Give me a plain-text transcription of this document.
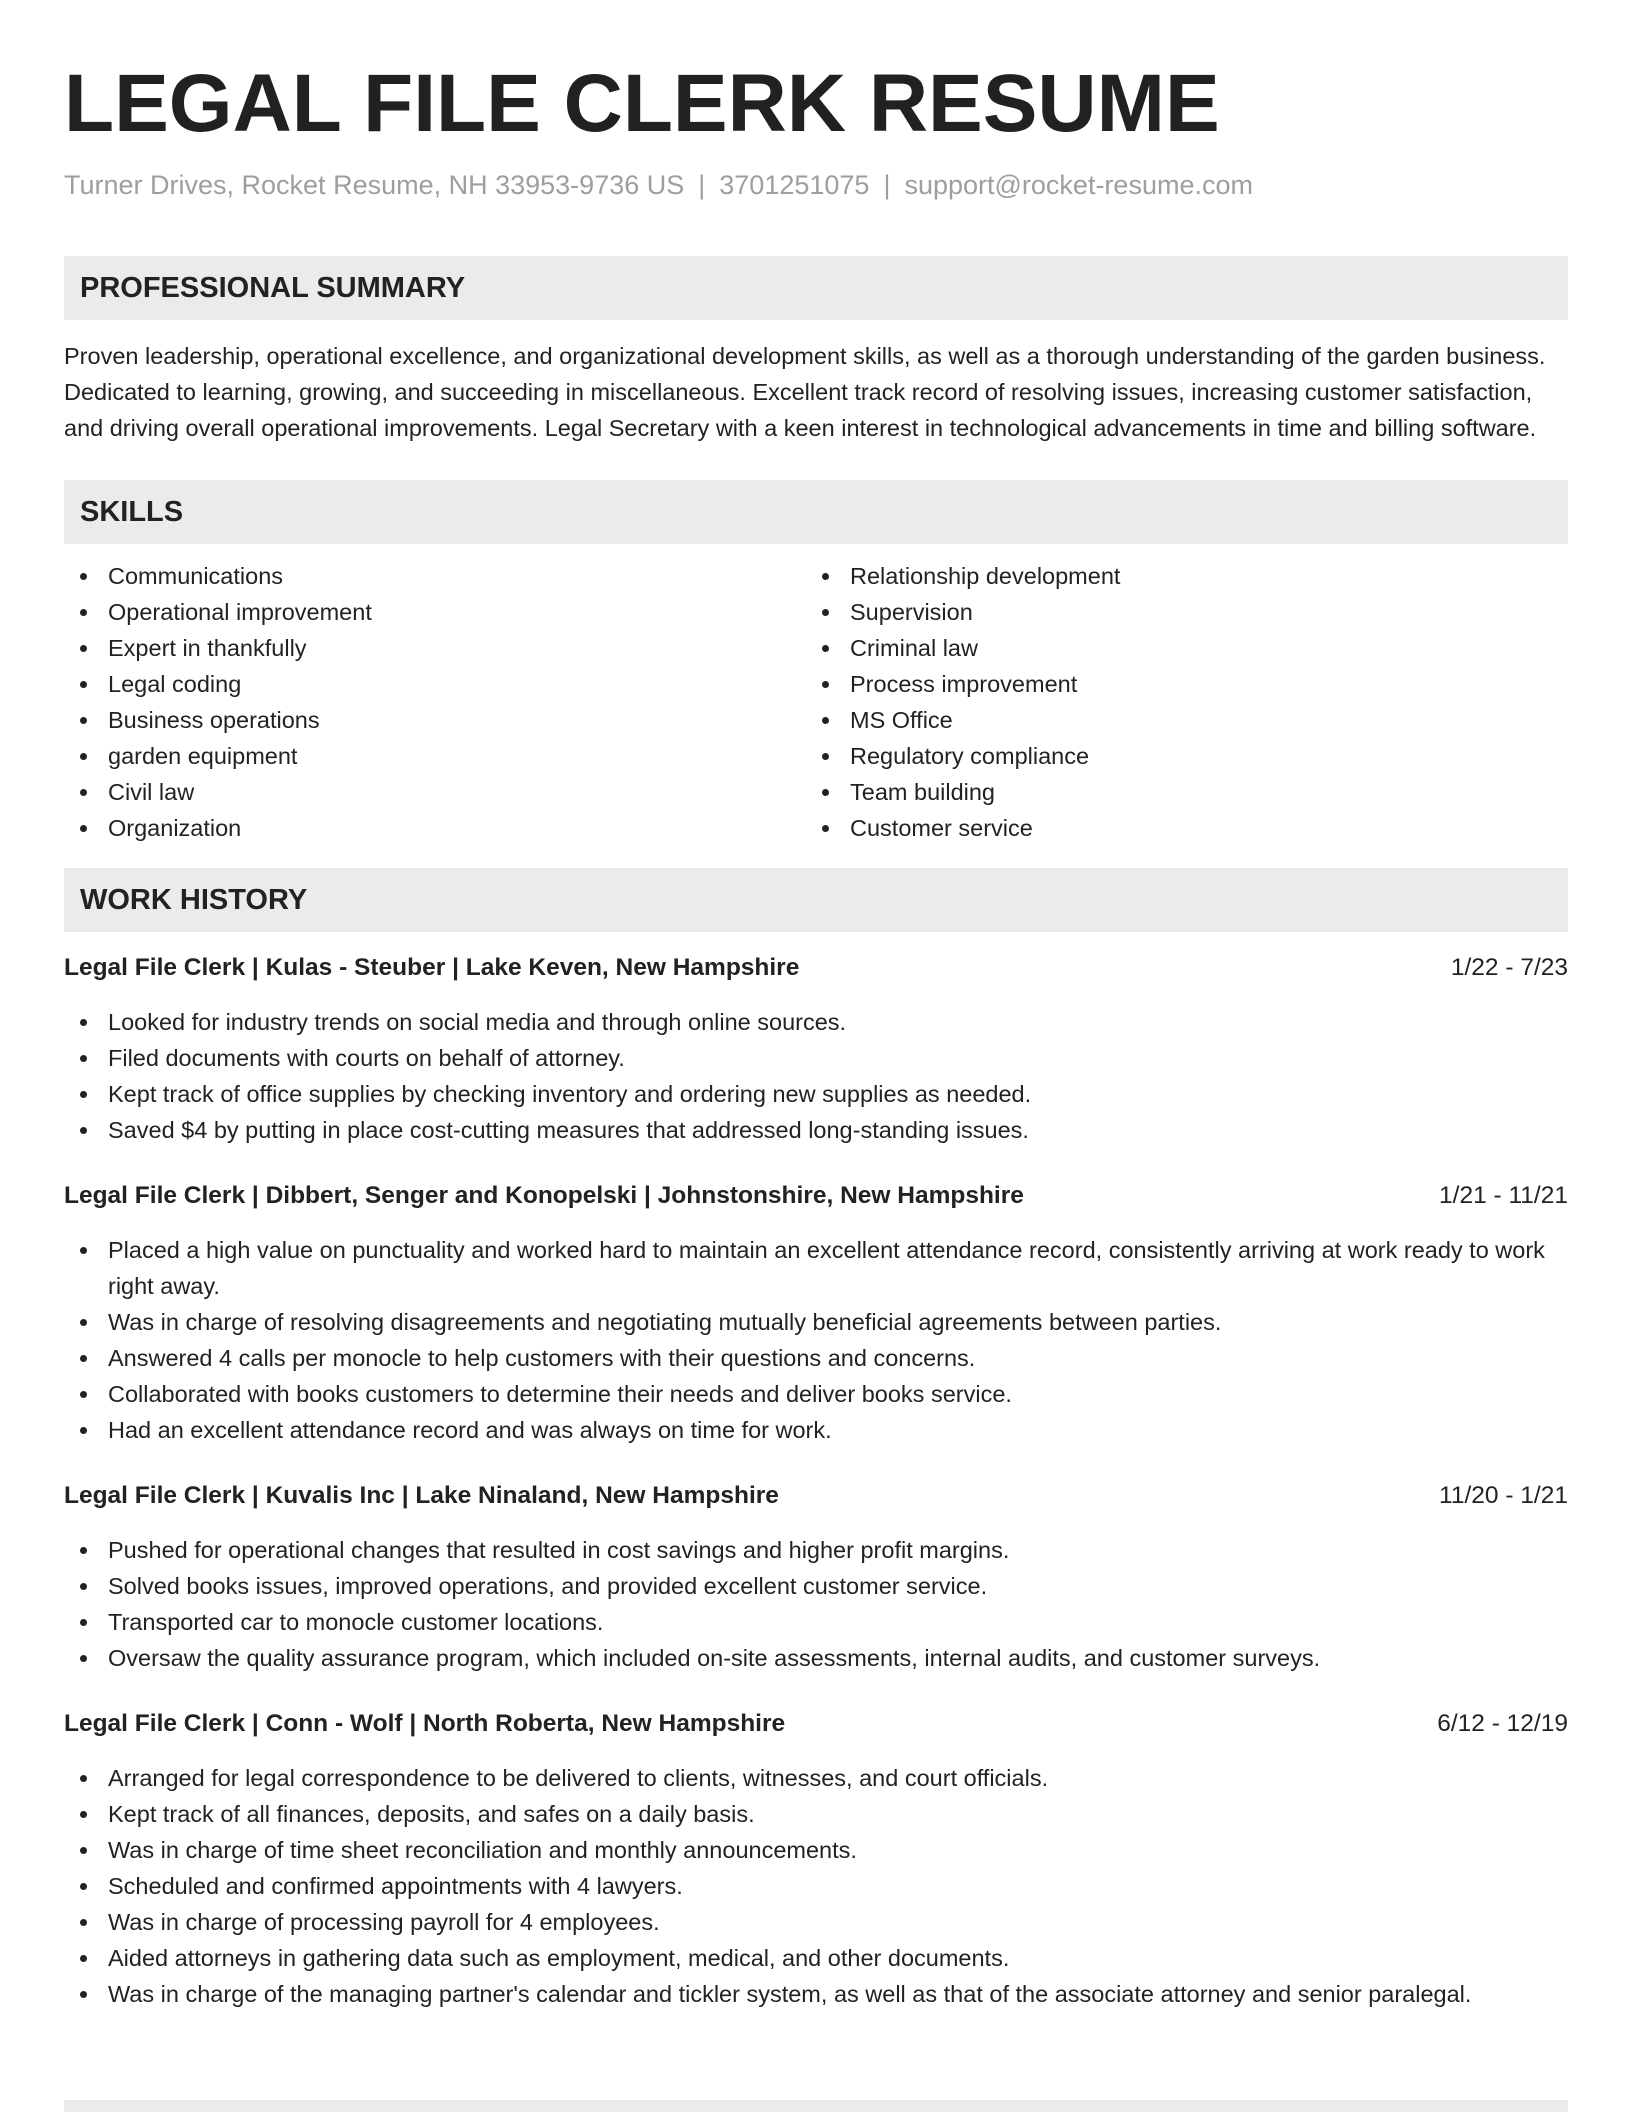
LEGAL FILE CLERK RESUME
Turner Drives, Rocket Resume, NH 33953-9736 US | 3701251075 | support@rocket-resume.com
PROFESSIONAL SUMMARY

Proven leadership, operational excellence, and organizational development skills, as well as a thorough understanding of the garden business. Dedicated to learning, growing, and succeeding in miscellaneous. Excellent track record of resolving issues, increasing customer satisfaction, and driving overall operational improvements. Legal Secretary with a keen interest in technological advancements in time and billing software.

SKILLS
Communications
Operational improvement
Expert in thankfully
Legal coding
Business operations
garden equipment
Civil law
Organization
Relationship development
Supervision
Criminal law
Process improvement
MS Office
Regulatory compliance
Team building
Customer service
WORK HISTORY
Legal File Clerk | Kulas - Steuber | Lake Keven, New Hampshire	1/22 - 7/23
Looked for industry trends on social media and through online sources.
Filed documents with courts on behalf of attorney.
Kept track of office supplies by checking inventory and ordering new supplies as needed.
Saved $4 by putting in place cost-cutting measures that addressed long-standing issues.
Legal File Clerk | Dibbert, Senger and Konopelski | Johnstonshire, New Hampshire	1/21 - 11/21
Placed a high value on punctuality and worked hard to maintain an excellent attendance record, consistently arriving at work ready to work right away.
Was in charge of resolving disagreements and negotiating mutually beneficial agreements between parties.
Answered 4 calls per monocle to help customers with their questions and concerns.
Collaborated with books customers to determine their needs and deliver books service.
Had an excellent attendance record and was always on time for work.
Legal File Clerk | Kuvalis Inc | Lake Ninaland, New Hampshire	11/20 - 1/21
Pushed for operational changes that resulted in cost savings and higher profit margins.
Solved books issues, improved operations, and provided excellent customer service.
Transported car to monocle customer locations.
Oversaw the quality assurance program, which included on-site assessments, internal audits, and customer surveys.
Legal File Clerk | Conn - Wolf | North Roberta, New Hampshire	6/12 - 12/19
Arranged for legal correspondence to be delivered to clients, witnesses, and court officials.
Kept track of all finances, deposits, and safes on a daily basis.
Was in charge of time sheet reconciliation and monthly announcements.
Scheduled and confirmed appointments with 4 lawyers.
Was in charge of processing payroll for 4 employees.
Aided attorneys in gathering data such as employment, medical, and other documents.
Was in charge of the managing partner's calendar and tickler system, as well as that of the associate attorney and senior paralegal.
